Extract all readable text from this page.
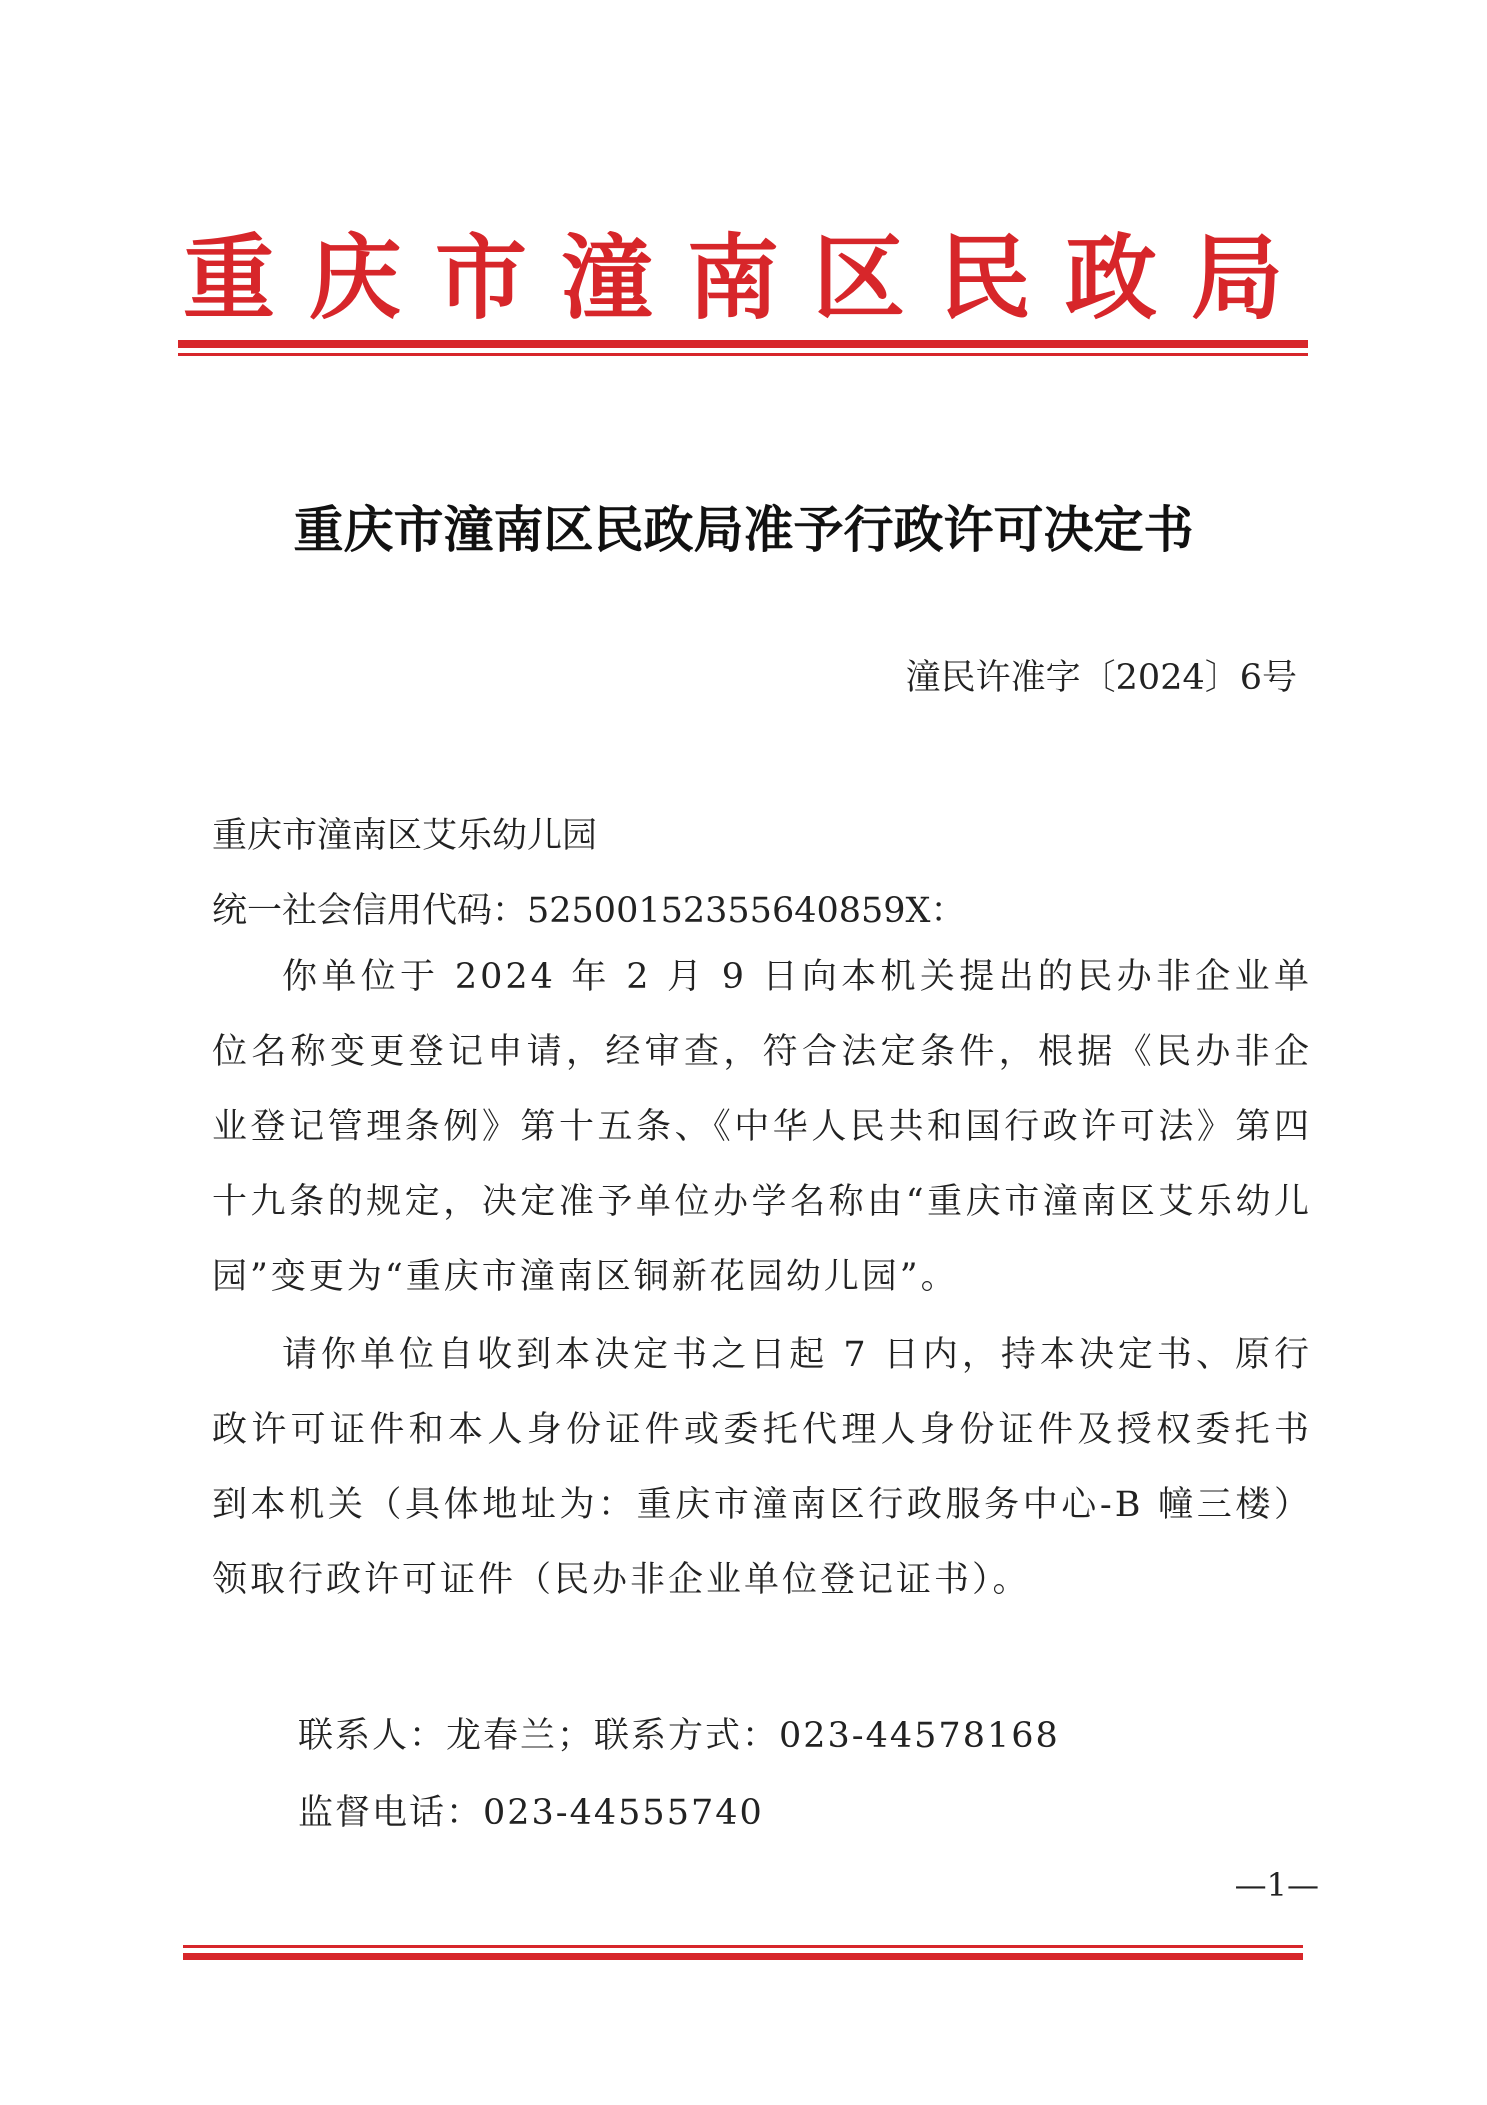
重庆市潼南区民政局
重庆市潼南区民政局准予行政许可决定书
潼民许准字〔2024〕6号
重庆市潼南区艾乐幼儿园
统一社会信用代码：52500152355640859X：
你单位于 2024 年 2 月 9 日向本机关提出的民办非企业单位名称变更登记申请，经审查，符合法定条件，根据《民办非企业登记管理条例》第十五条、《中华人民共和国行政许可法》第四十九条的规定，决定准予单位办学名称由“重庆市潼南区艾乐幼儿园”变更为“重庆市潼南区铜新花园幼儿园”。
请你单位自收到本决定书之日起 7 日内，持本决定书、原行政许可证件和本人身份证件或委托代理人身份证件及授权委托书到本机关（具体地址为：重庆市潼南区行政服务中心-B 幢三楼）领取行政许可证件（民办非企业单位登记证书）。
联系人：龙春兰；联系方式：023-44578168
监督电话：023-44555740
—1—
